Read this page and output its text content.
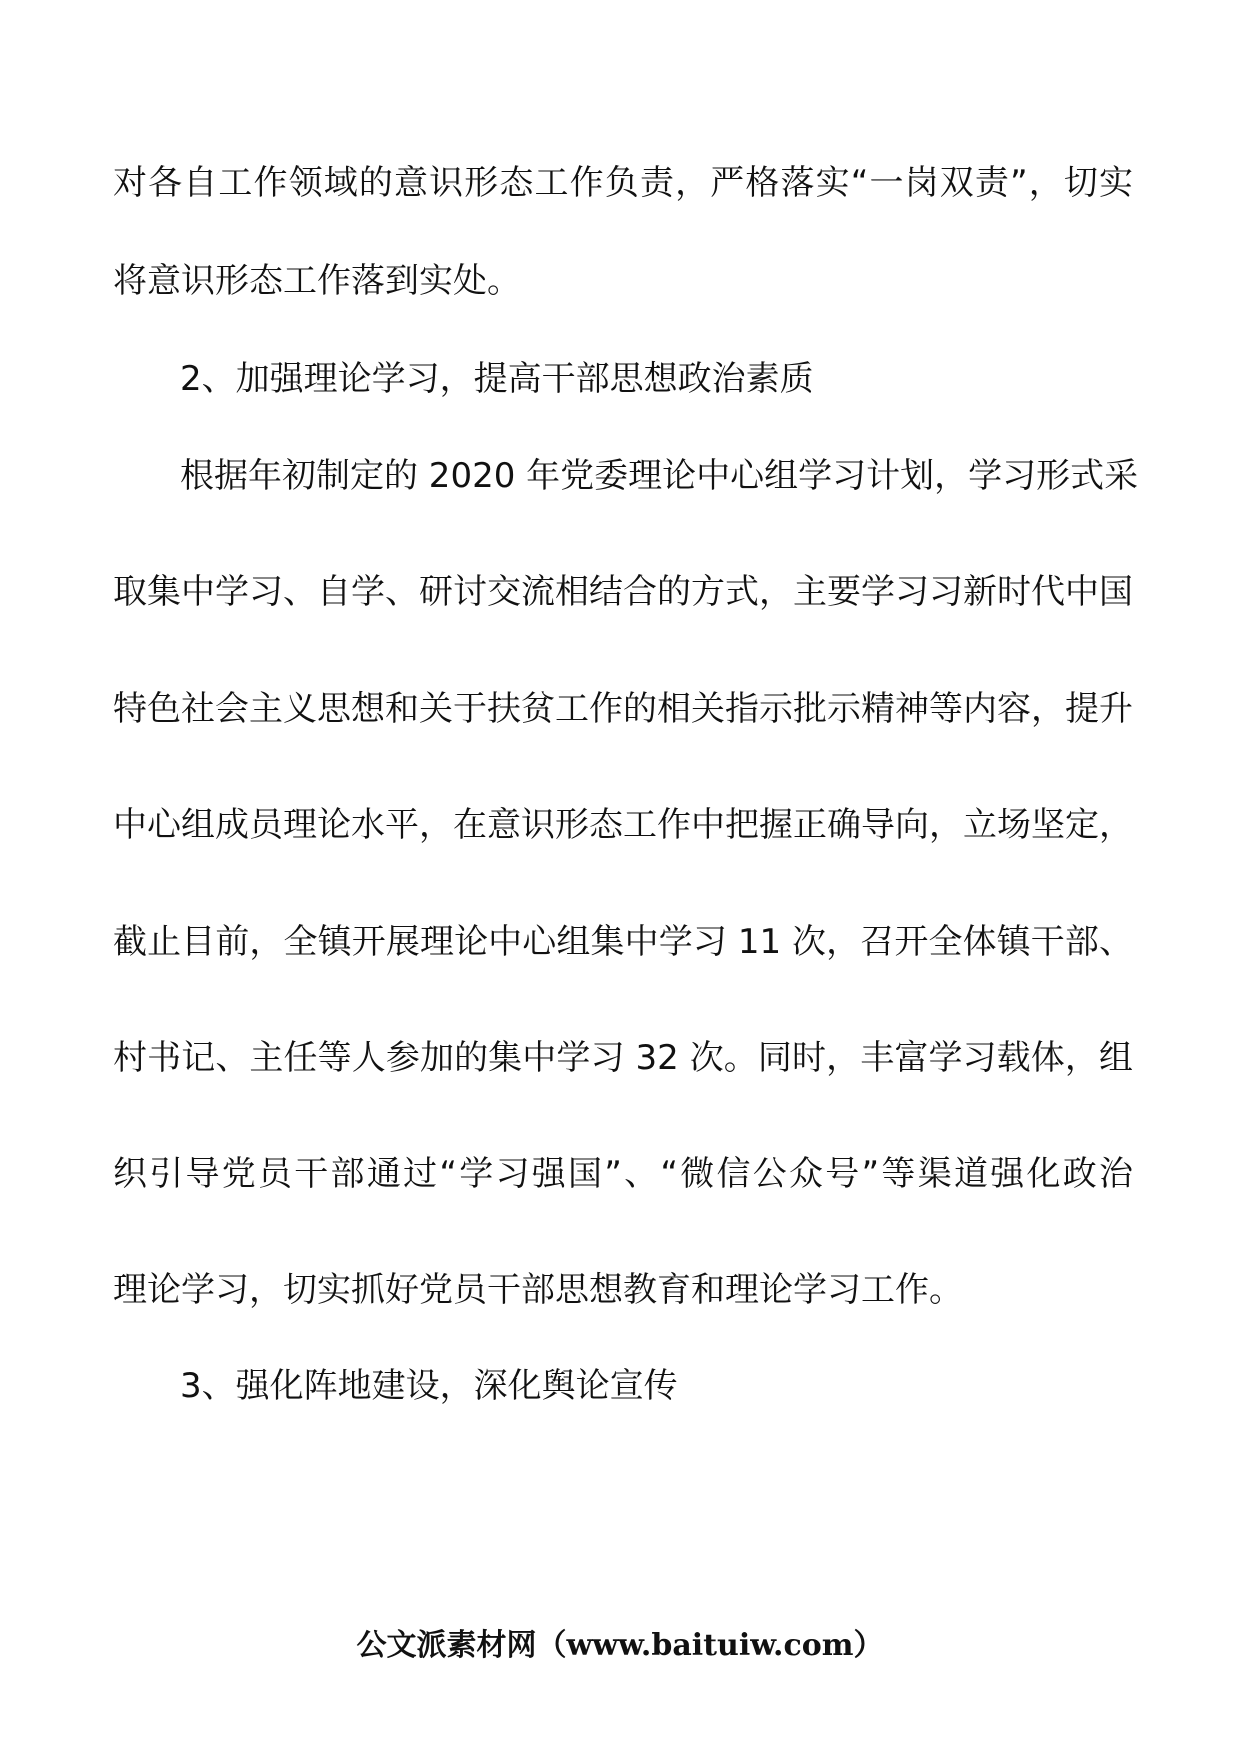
对各自工作领域的意识形态工作负责，严格落实“一岗双责”，切实

将意识形态工作落到实处。

2、加强理论学习，提高干部思想政治素质

根据年初制定的 2020 年党委理论中心组学习计划，学习形式采

取集中学习、自学、研讨交流相结合的方式，主要学习习新时代中国

特色社会主义思想和关于扶贫工作的相关指示批示精神等内容，提升

中心组成员理论水平，在意识形态工作中把握正确导向，立场坚定，

截止目前，全镇开展理论中心组集中学习 11 次，召开全体镇干部、

村书记、主任等人参加的集中学习 32 次。同时，丰富学习载体，组

织引导党员干部通过“学习强国”、“微信公众号”等渠道强化政治

理论学习，切实抓好党员干部思想教育和理论学习工作。

3、强化阵地建设，深化舆论宣传

公文派素材网（www.baituiw.com）
